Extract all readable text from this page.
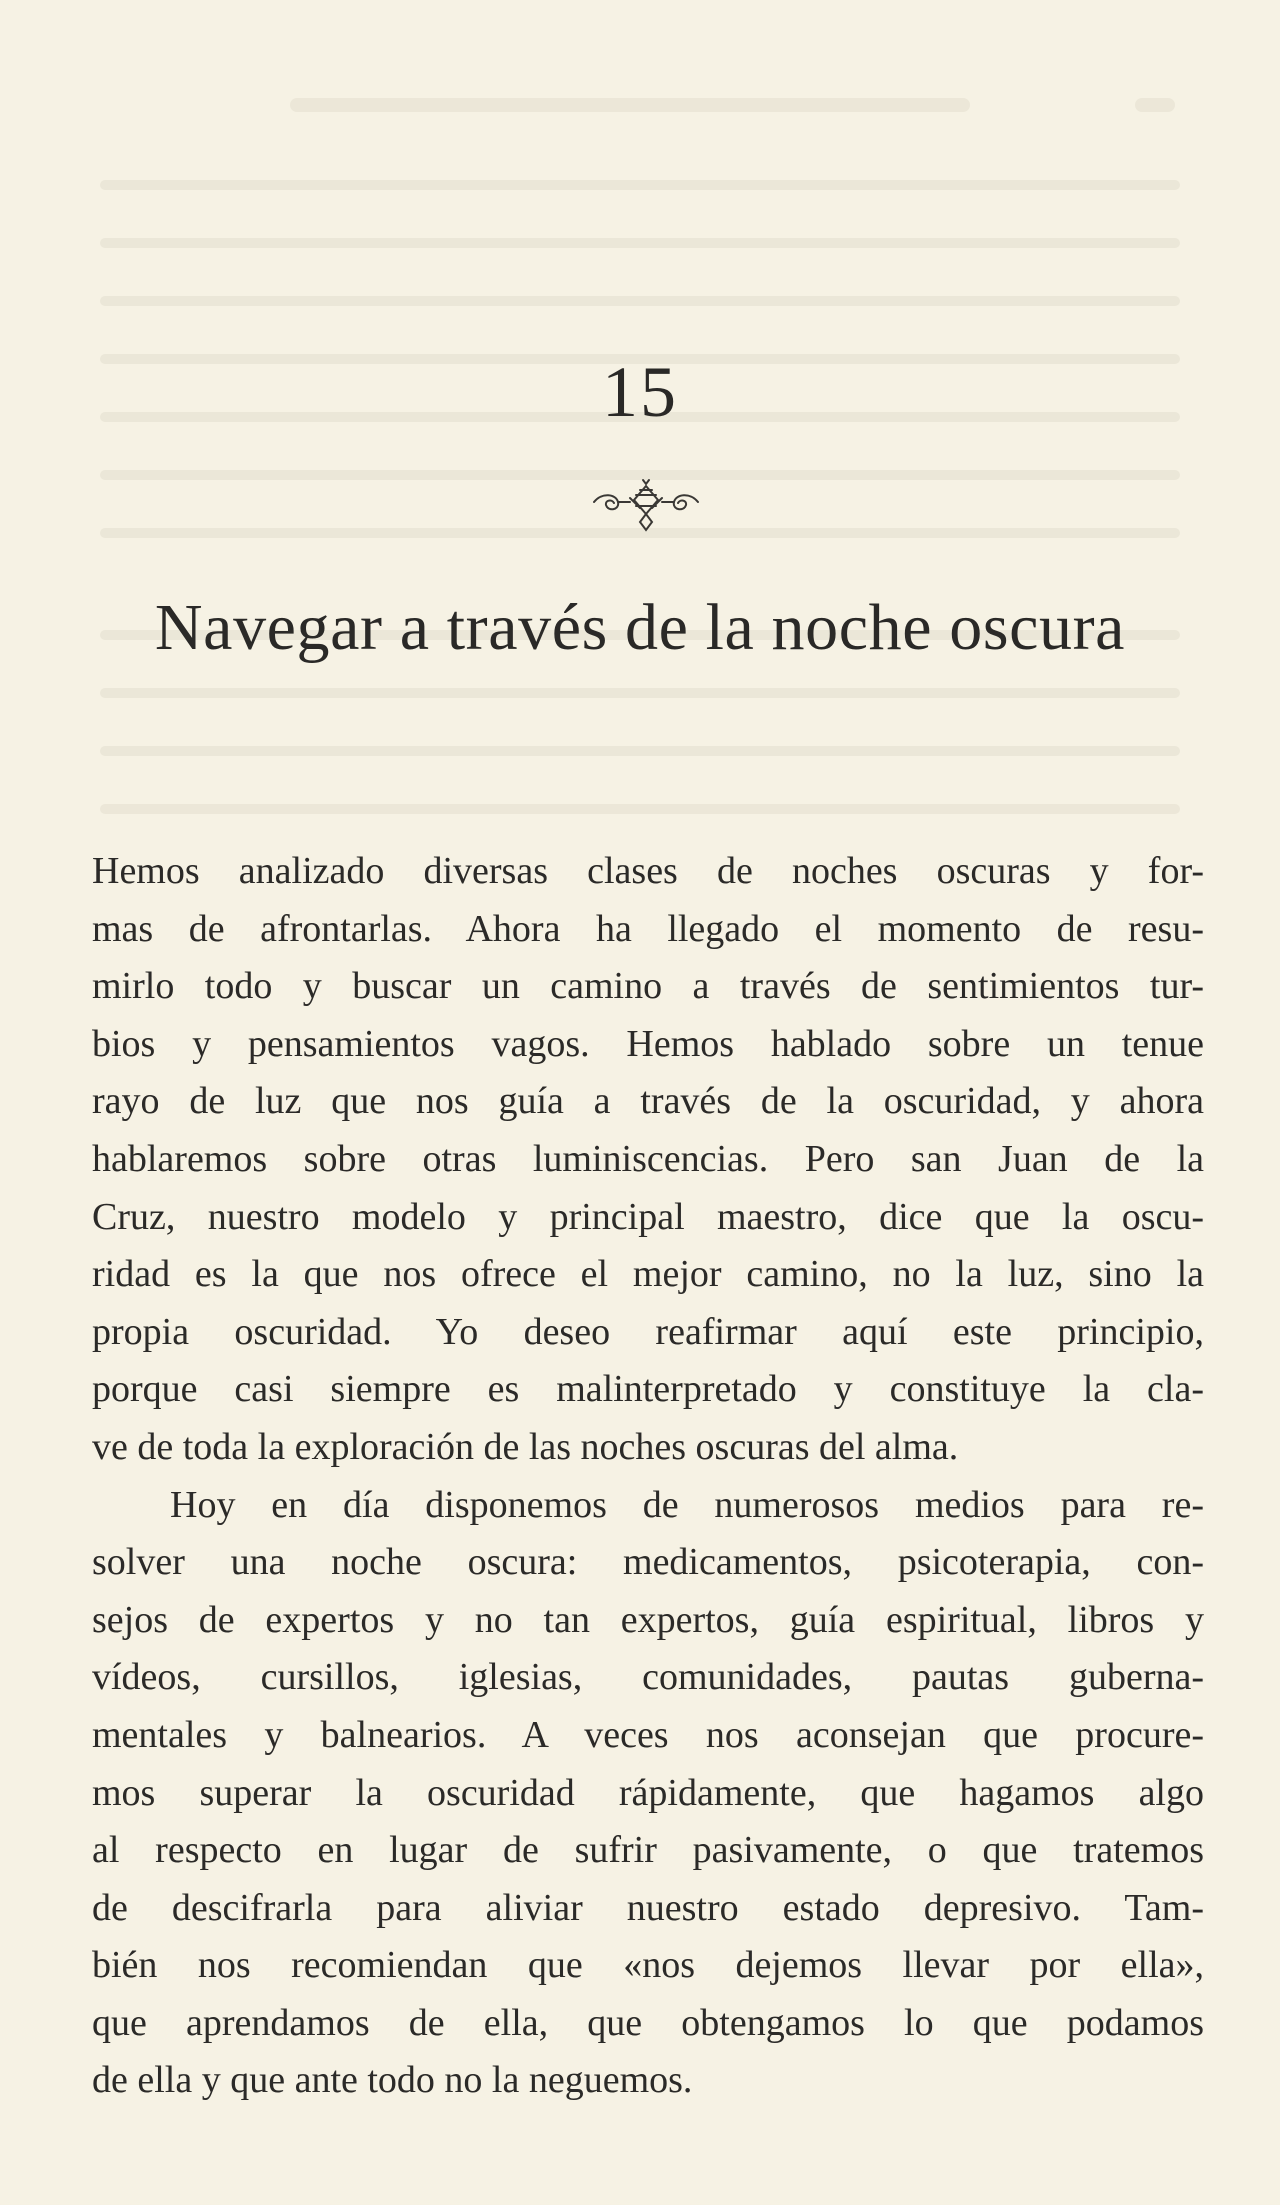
15
Navegar a través de la noche oscura

Hemos analizado diversas clases de noches oscuras y for-

mas de afrontarlas. Ahora ha llegado el momento de resu-

mirlo todo y buscar un camino a través de sentimientos tur-

bios y pensamientos vagos. Hemos hablado sobre un tenue

rayo de luz que nos guía a través de la oscuridad, y ahora

hablaremos sobre otras luminiscencias. Pero san Juan de la

Cruz, nuestro modelo y principal maestro, dice que la oscu-

ridad es la que nos ofrece el mejor camino, no la luz, sino la

propia oscuridad. Yo deseo reafirmar aquí este principio,

porque casi siempre es malinterpretado y constituye la cla-

ve de toda la exploración de las noches oscuras del alma.

Hoy en día disponemos de numerosos medios para re-

solver una noche oscura: medicamentos, psicoterapia, con-

sejos de expertos y no tan expertos, guía espiritual, libros y

vídeos, cursillos, iglesias, comunidades, pautas guberna-

mentales y balnearios. A veces nos aconsejan que procure-

mos superar la oscuridad rápidamente, que hagamos algo

al respecto en lugar de sufrir pasivamente, o que tratemos

de descifrarla para aliviar nuestro estado depresivo. Tam-

bién nos recomiendan que «nos dejemos llevar por ella»,

que aprendamos de ella, que obtengamos lo que podamos

de ella y que ante todo no la neguemos.
